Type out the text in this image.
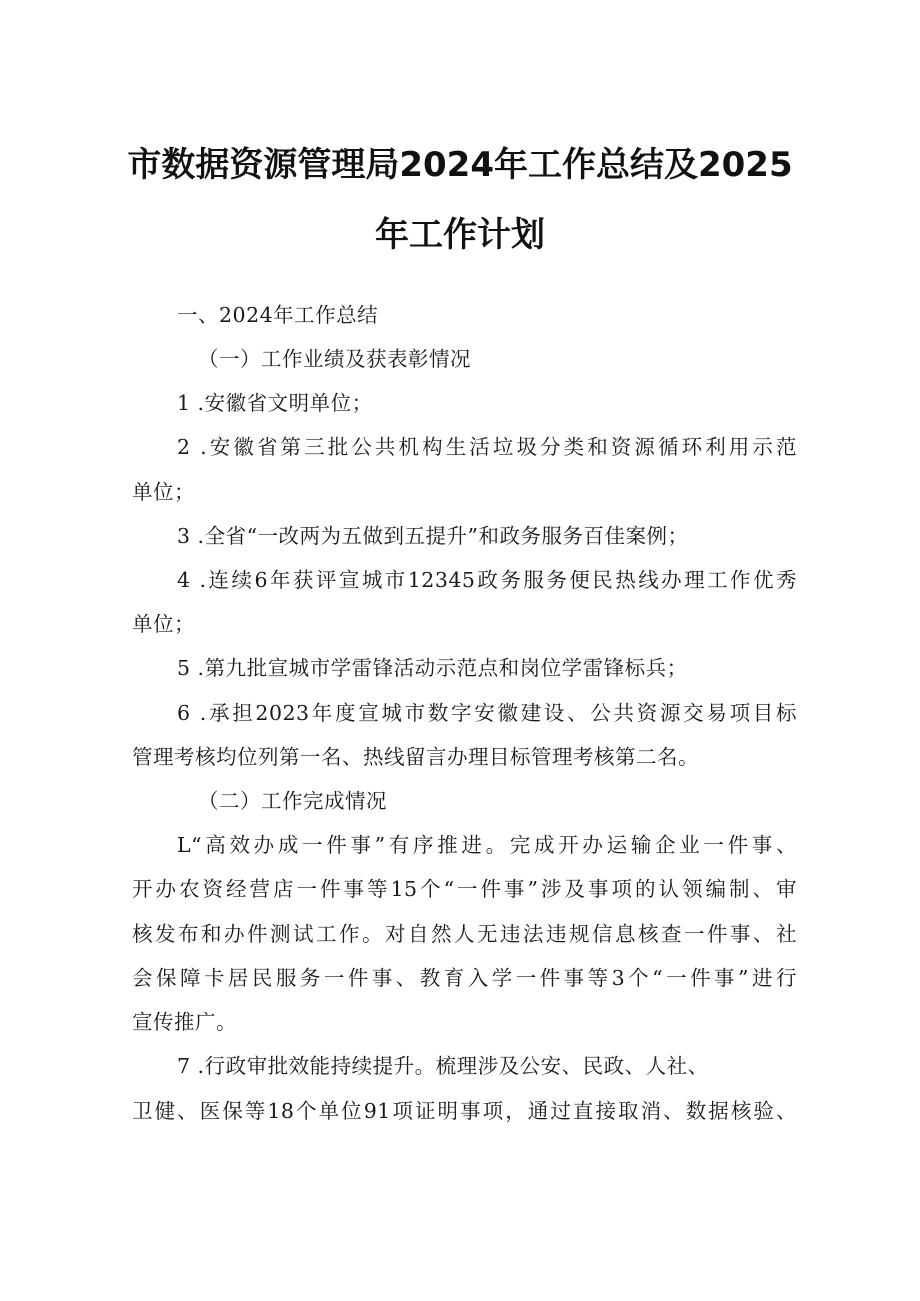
市数据资源管理局2024年工作总结及2025
年工作计划
一、2024年工作总结
（一）工作业绩及获表彰情况
1 .安徽省文明单位；
2 .安徽省第三批公共机构生活垃圾分类和资源循环利用示范
单位；
3 .全省“一改两为五做到五提升”和政务服务百佳案例；
4 .连续6年获评宣城市12345政务服务便民热线办理工作优秀
单位；
5 .第九批宣城市学雷锋活动示范点和岗位学雷锋标兵；
6 .承担2023年度宣城市数字安徽建设、公共资源交易项目标
管理考核均位列第一名、热线留言办理目标管理考核第二名。
（二）工作完成情况
L“高效办成一件事”有序推进。完成开办运输企业一件事、
开办农资经营店一件事等15个“一件事”涉及事项的认领编制、审
核发布和办件测试工作。对自然人无违法违规信息核查一件事、社
会保障卡居民服务一件事、教育入学一件事等3个“一件事”进行
宣传推广。
7 .行政审批效能持续提升。梳理涉及公安、民政、人社、
卫健、医保等18个单位91项证明事项，通过直接取消、数据核验、
